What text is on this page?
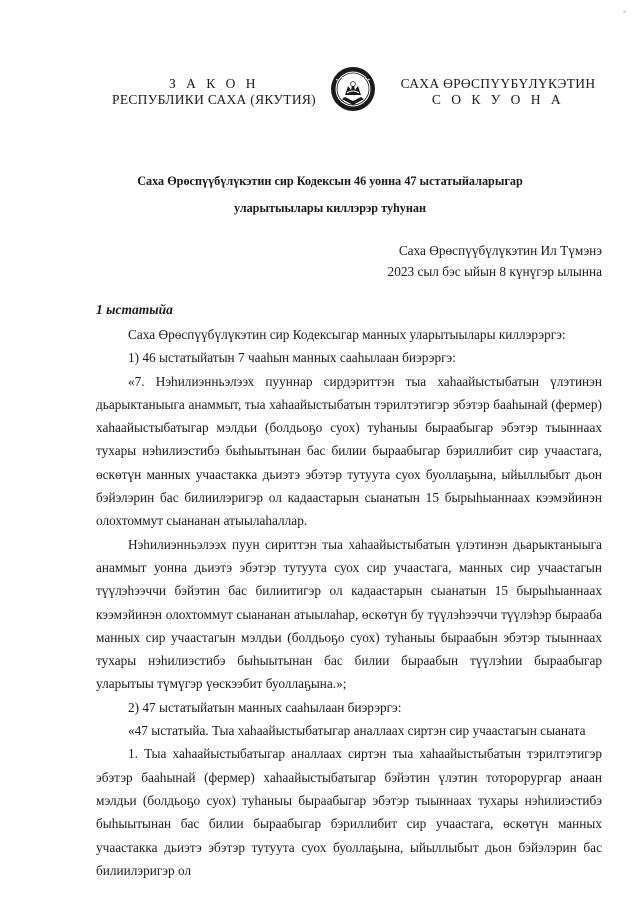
-
З А К О Н
РЕСПУБЛИКИ САХА (ЯКУТИЯ)
САХА ӨРӨСПҮҮБҮЛҮКЭТИН
С О К У О Н А
Саха Өрөспүүбүлүкэтин сир Кодексын 46 уонна 47 ыстатыйаларыгар
уларытыылары киллэрэр туһунан
Саха Өрөспүүбүлүкэтин Ил Түмэнэ
2023 сыл бэс ыйын 8 күнүгэр ылынна
1 ыстатыйа

Саха Өрөспүүбүлүкэтин сир Кодексыгар манных уларытыылары киллэрэргэ:

1) 46 ыстатыйатын 7 чааһын манных сааһылаан биэрэргэ:

«7. Нэһилиэнньэлээх пууннар сирдэриттэн тыа хаһаайыстыбатын үлэтинэн дьарыктаныыга анаммыт, тыа хаһаайыстыбатын тэрилтэтигэр эбэтэр бааһынай (фермер) хаһаайыстыбатыгар мэлдьи (болдьоҕо суох) туһаныы быраабыгар эбэтэр тыыннаах тухары нэһилиэстибэ быһыытынан бас билии быраабыгар бэриллибит сир учаастага, өскөтүн манных учаастакка дьиэтэ эбэтэр тутуута суох буоллаҕына, ыйыллыбыт дьон бэйэлэрин бас билиилэригэр ол кадаастарын сыанатын 15 бырыһыаннаах кээмэйинэн олохтоммут сыананан атыылаһаллар.

Нэһилиэнньэлээх пуун сириттэн тыа хаһаайыстыбатын үлэтинэн дьарыктаныыга анаммыт уонна дьиэтэ эбэтэр тутуута суох сир учаастага, манных сир учаастагын түүлэһээччи бэйэтин бас билиитигэр ол кадаастарын сыанатын 15 бырыһыаннаах кээмэйинэн олохтоммут сыананан атыылаһар, өскөтүн бу түүлэһээччи түүлэһэр бырааба манных сир учаастагын мэлдьи (болдьоҕо суох) туһаныы быраабын эбэтэр тыыннаах тухары нэһилиэстибэ быһыытынан бас билии быраабын түүлэһии быраабыгар уларытыы түмүгэр үөскээбит буоллаҕына.»;

2) 47 ыстатыйатын манных сааһылаан биэрэргэ:

«47 ыстатыйа. Тыа хаһаайыстыбатыгар аналлаах сиртэн сир учаастагын сыаната

1. Тыа хаһаайыстыбатыгар аналлаах сиртэн тыа хаһаайыстыбатын тэрилтэтигэр эбэтэр бааһынай (фермер) хаһаайыстыбатыгар бэйэтин үлэтин тоторорургар анаан мэлдьи (болдьоҕо суох) туһаныы быраабыгар эбэтэр тыыннаах тухары нэһилиэстибэ быһыытынан бас билии быраабыгар бэриллибит сир учаастага, өскөтүн манных учаастакка дьиэтэ эбэтэр тутуута суох буоллаҕына, ыйыллыбыт дьон бэйэлэрин бас билиилэригэр ол
